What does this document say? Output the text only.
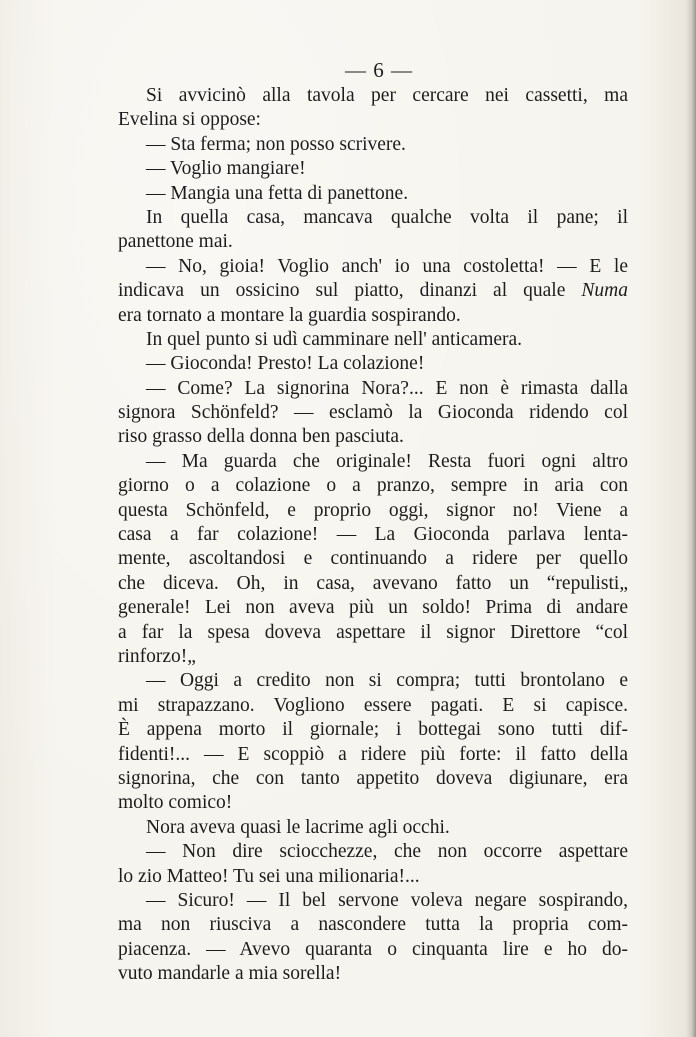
— 6 —
Si avvicinò alla tavola per cercare nei cassetti, ma
Evelina si oppose:
— Sta ferma; non posso scrivere.
— Voglio mangiare!
— Mangia una fetta di panettone.
In quella casa, mancava qualche volta il pane; il
panettone mai.
— No, gioia! Voglio anch' io una costoletta! — E le
indicava un ossicino sul piatto, dinanzi al quale Numa
era tornato a montare la guardia sospirando.
In quel punto si udì camminare nell' anticamera.
— Gioconda! Presto! La colazione!
— Come? La signorina Nora?... E non è rimasta dalla
signora Schönfeld? — esclamò la Gioconda ridendo col
riso grasso della donna ben pasciuta.
— Ma guarda che originale! Resta fuori ogni altro
giorno o a colazione o a pranzo, sempre in aria con
questa Schönfeld, e proprio oggi, signor no! Viene a
casa a far colazione! — La Gioconda parlava lenta-
mente, ascoltandosi e continuando a ridere per quello
che diceva. Oh, in casa, avevano fatto un “repulisti„
generale! Lei non aveva più un soldo! Prima di andare
a far la spesa doveva aspettare il signor Direttore “col
rinforzo!„
— Oggi a credito non si compra; tutti brontolano e
mi strapazzano. Vogliono essere pagati. E si capisce.
È appena morto il giornale; i bottegai sono tutti dif-
fidenti!... — E scoppiò a ridere più forte: il fatto della
signorina, che con tanto appetito doveva digiunare, era
molto comico!
Nora aveva quasi le lacrime agli occhi.
— Non dire sciocchezze, che non occorre aspettare
lo zio Matteo! Tu sei una milionaria!...
— Sicuro! — Il bel servone voleva negare sospirando,
ma non riusciva a nascondere tutta la propria com-
piacenza. — Avevo quaranta o cinquanta lire e ho do-
vuto mandarle a mia sorella!
